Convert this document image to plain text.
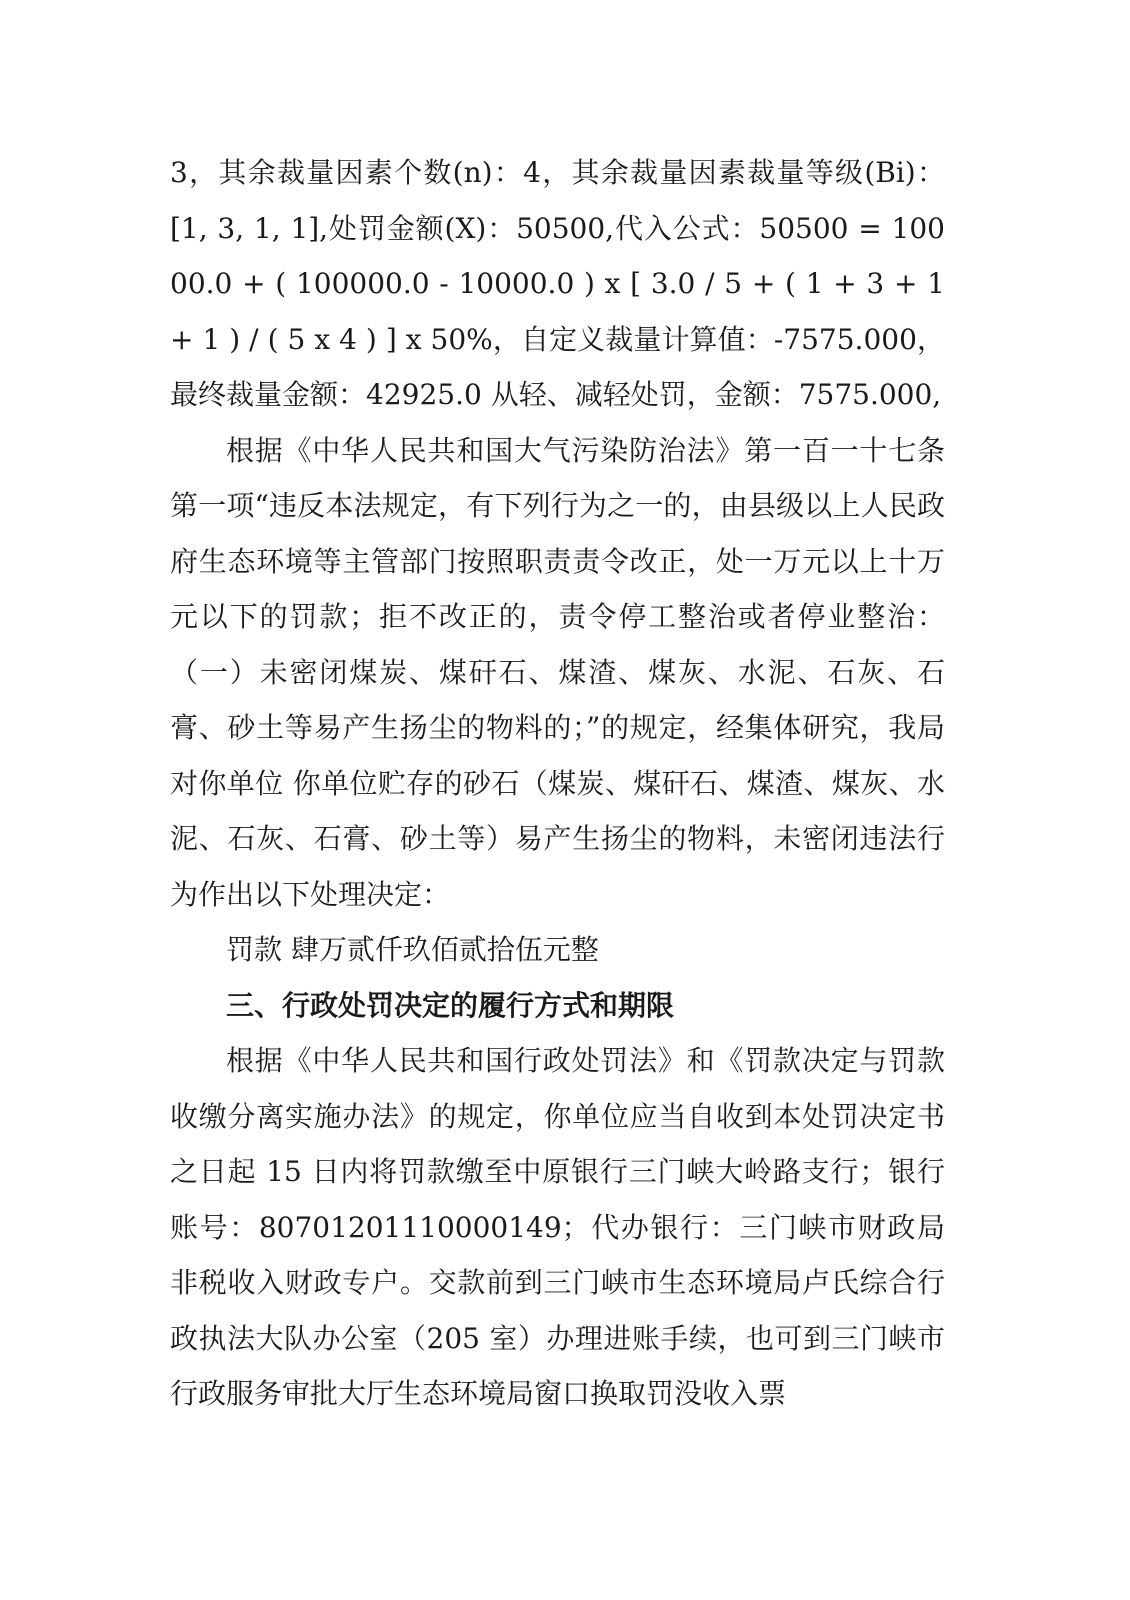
3，其余裁量因素个数(n)：4，其余裁量因素裁量等级(Bi)：[1, 3, 1, 1],处罚金额(X)：50500,代入公式：50500 = 10000.0 + ( 100000.0 - 10000.0 ) x [ 3.0 / 5 + ( 1 + 3 + 1 + 1 ) / ( 5 x 4 ) ] x 50%，自定义裁量计算值：-7575.000，最终裁量金额：42925.0 从轻、减轻处罚，金额：7575.000,

根据《中华人民共和国大气污染防治法》第一百一十七条第一项“违反本法规定，有下列行为之一的，由县级以上人民政府生态环境等主管部门按照职责责令改正，处一万元以上十万元以下的罚款；拒不改正的，责令停工整治或者停业整治：（一）未密闭煤炭、煤矸石、煤渣、煤灰、水泥、石灰、石膏、砂土等易产生扬尘的物料的；”的规定，经集体研究，我局对你单位 你单位贮存的砂石（煤炭、煤矸石、煤渣、煤灰、水泥、石灰、石膏、砂土等）易产生扬尘的物料，未密闭违法行为作出以下处理决定：

罚款 肆万贰仟玖佰贰拾伍元整

三、行政处罚决定的履行方式和期限

根据《中华人民共和国行政处罚法》和《罚款决定与罚款收缴分离实施办法》的规定，你单位应当自收到本处罚决定书之日起 15 日内将罚款缴至中原银行三门峡大岭路支行；银行账号：80701201110000149；代办银行：三门峡市财政局非税收入财政专户。交款前到三门峡市生态环境局卢氏综合行政执法大队办公室（205 室）办理进账手续，也可到三门峡市行政服务审批大厅生态环境局窗口换取罚没收入票
